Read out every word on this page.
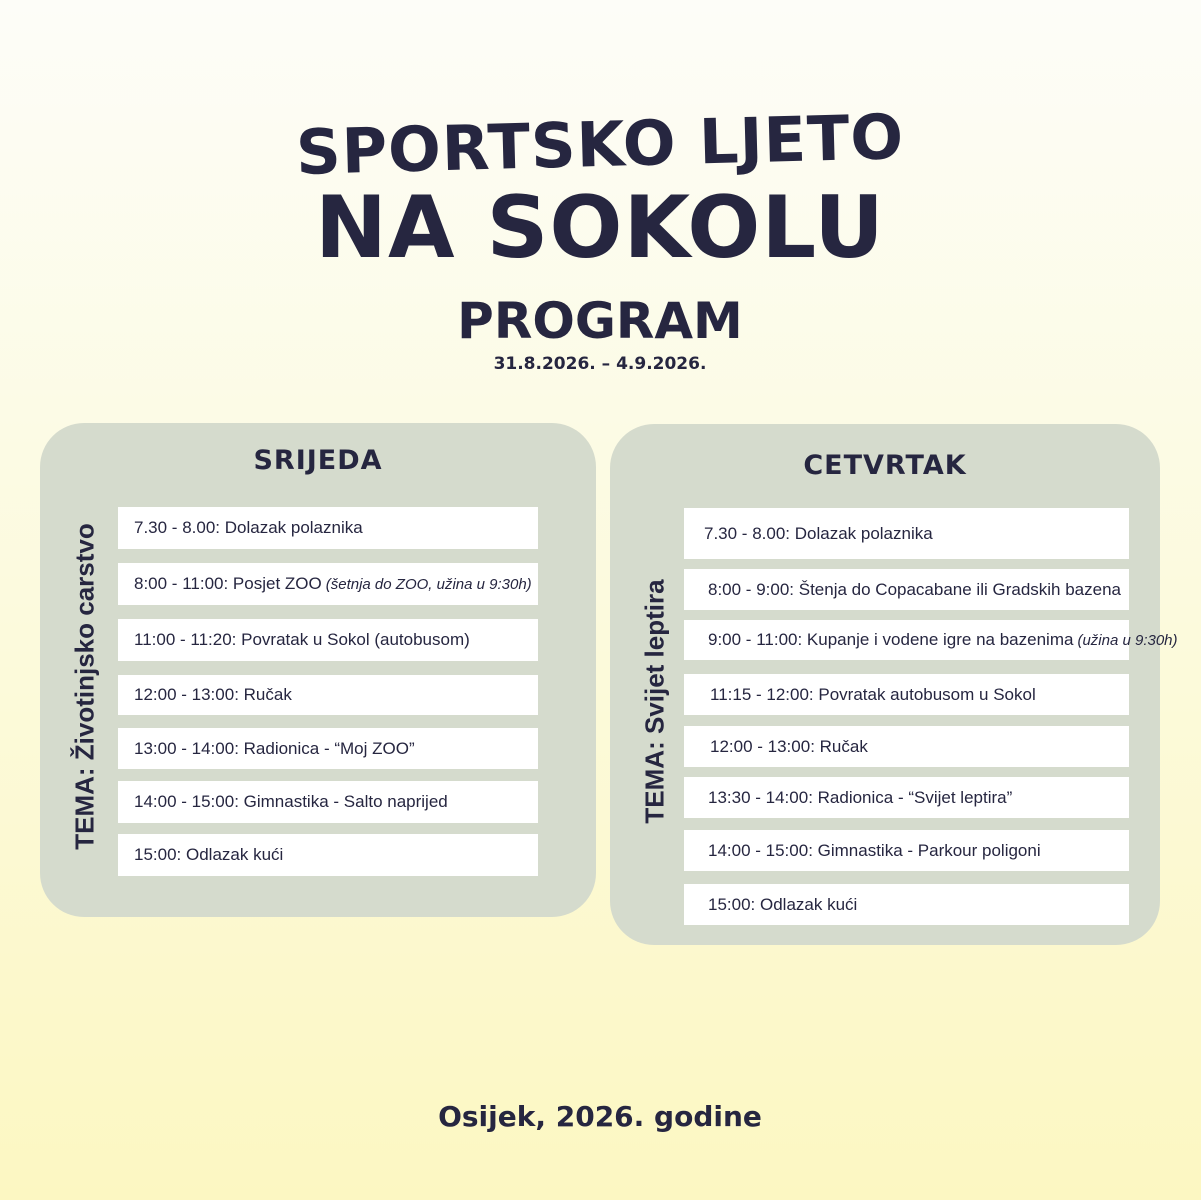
SPORTSKO LJETO
NA SOKOLU
PROGRAM
31.8.2026. – 4.9.2026.
SRIJEDA
TEMA: Životinjsko carstvo 7.30 - 8.00: Dolazak polaznika
8:00 - 11:00: Posjet ZOO (šetnja do ZOO, užina u 9:30h)
11:00 - 11:20: Povratak u Sokol (autobusom)
12:00 - 13:00: Ručak
13:00 - 14:00: Radionica - “Moj ZOO”
14:00 - 15:00: Gimnastika - Salto naprijed
15:00: Odlazak kući
CETVRTAK
TEMA: Svijet leptira
7.30 - 8.00: Dolazak polaznika
8:00 - 9:00: Štenja do Copacabane ili Gradskih bazena
9:00 - 11:00: Kupanje i vodene igre na bazenima (užina u 9:30h)
11:15 - 12:00: Povratak autobusom u Sokol
12:00 - 13:00: Ručak
13:30 - 14:00: Radionica - “Svijet leptira”
14:00 - 15:00: Gimnastika - Parkour poligoni
15:00: Odlazak kući
Osijek, 2026. godine
